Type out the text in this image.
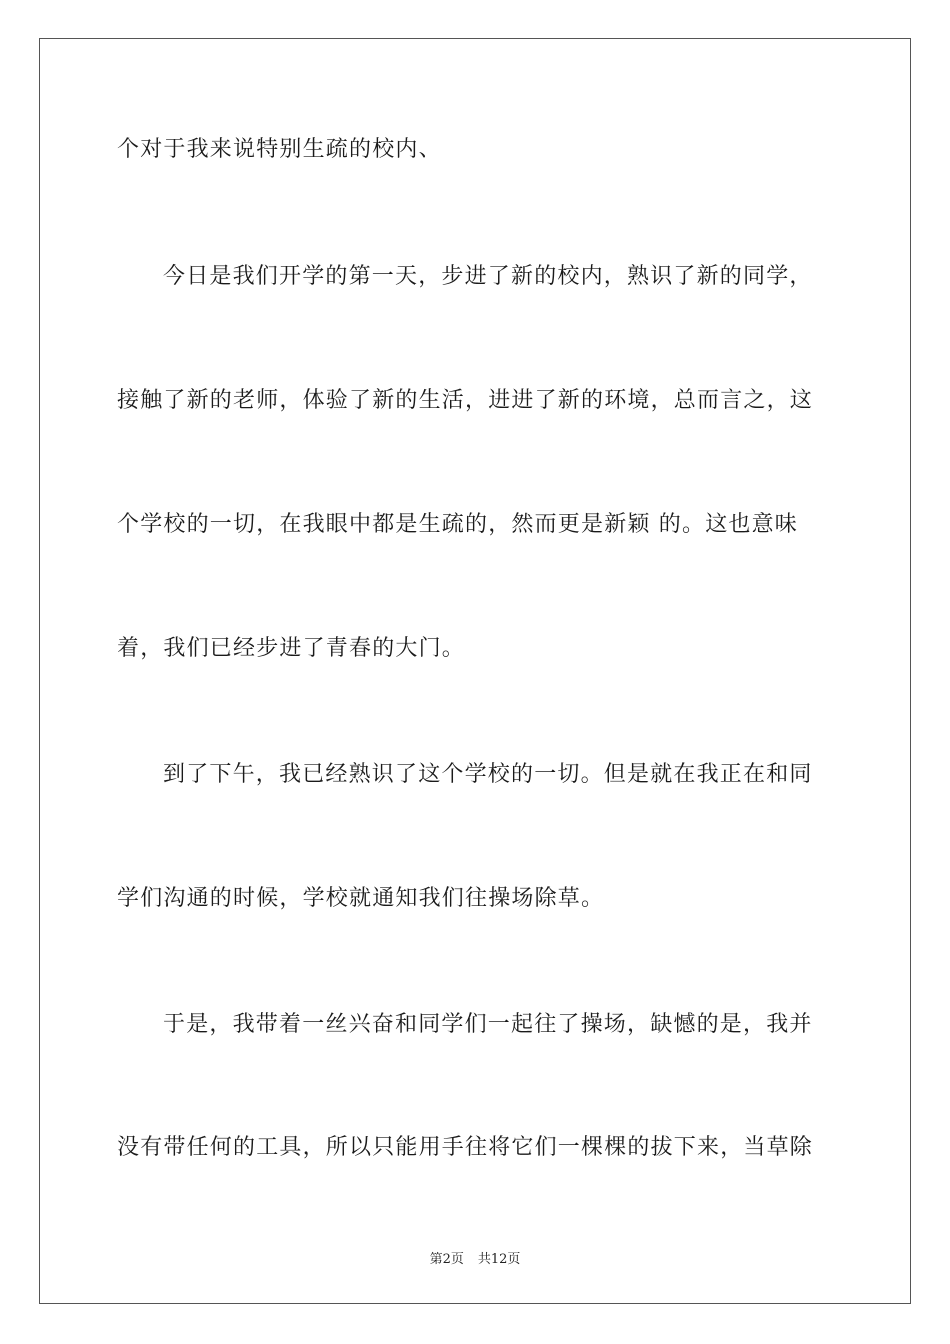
个对于我来说特别生疏的校内、
今日是我们开学的第一天，步进了新的校内，熟识了新的同学，
接触了新的老师，体验了新的生活，进进了新的环境，总而言之，这
个学校的一切，在我眼中都是生疏的，然而更是新颖 的。这也意味
着，我们已经步进了青春的大门。
到了下午，我已经熟识了这个学校的一切。但是就在我正在和同
学们沟通的时候，学校就通知我们往操场除草。
于是，我带着一丝兴奋和同学们一起往了操场，缺憾的是，我并
没有带任何的工具，所以只能用手往将它们一棵棵的拔下来，当草除
第2页 共12页
